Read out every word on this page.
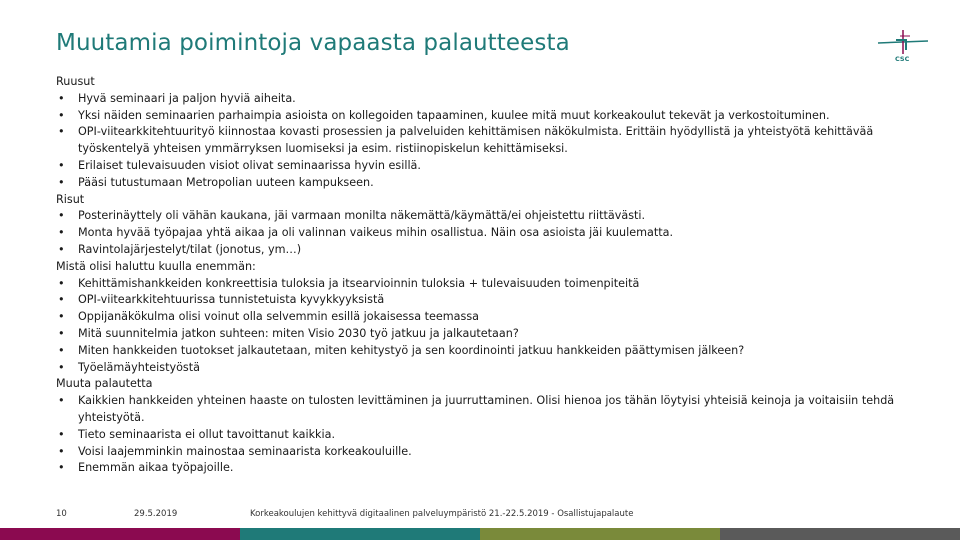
Muutamia poimintoja vapaasta palautteesta
CSC
Ruusut
• Hyvä seminaari ja paljon hyviä aiheita.
• Yksi näiden seminaarien parhaimpia asioista on kollegoiden tapaaminen, kuulee mitä muut korkeakoulut tekevät ja verkostoituminen.
• OPI-viitearkkitehtuurityö kiinnostaa kovasti prosessien ja palveluiden kehittämisen näkökulmista. Erittäin hyödyllistä ja yhteistyötä kehittävää työskentelyä yhteisen ymmärryksen luomiseksi ja esim. ristiinopiskelun kehittämiseksi.
• Erilaiset tulevaisuuden visiot olivat seminaarissa hyvin esillä.
• Pääsi tutustumaan Metropolian uuteen kampukseen.
Risut
• Posterinäyttely oli vähän kaukana, jäi varmaan monilta näkemättä/käymättä/ei ohjeistettu riittävästi.
• Monta hyvää työpajaa yhtä aikaa ja oli valinnan vaikeus mihin osallistua. Näin osa asioista jäi kuulematta.
• Ravintolajärjestelyt/tilat (jonotus, ym…)
Mistä olisi haluttu kuulla enemmän:
• Kehittämishankkeiden konkreettisia tuloksia ja itsearvioinnin tuloksia + tulevaisuuden toimenpiteitä
• OPI-viitearkkitehtuurissa tunnistetuista kyvykkyyksistä
• Oppijanäkökulma olisi voinut olla selvemmin esillä jokaisessa teemassa
• Mitä suunnitelmia jatkon suhteen: miten Visio 2030 työ jatkuu ja jalkautetaan?
• Miten hankkeiden tuotokset jalkautetaan, miten kehitystyö ja sen koordinointi jatkuu hankkeiden päättymisen jälkeen?
• Työelämäyhteistyöstä
Muuta palautetta
• Kaikkien hankkeiden yhteinen haaste on tulosten levittäminen ja juurruttaminen. Olisi hienoa jos tähän löytyisi yhteisiä keinoja ja voitaisiin tehdä yhteistyötä.
• Tieto seminaarista ei ollut tavoittanut kaikkia.
• Voisi laajemminkin mainostaa seminaarista korkeakouluille.
• Enemmän aikaa työpajoille.
10	29.5.2019	Korkeakoulujen kehittyvä digitaalinen palveluympäristö 21.-22.5.2019 - Osallistujapalaute
